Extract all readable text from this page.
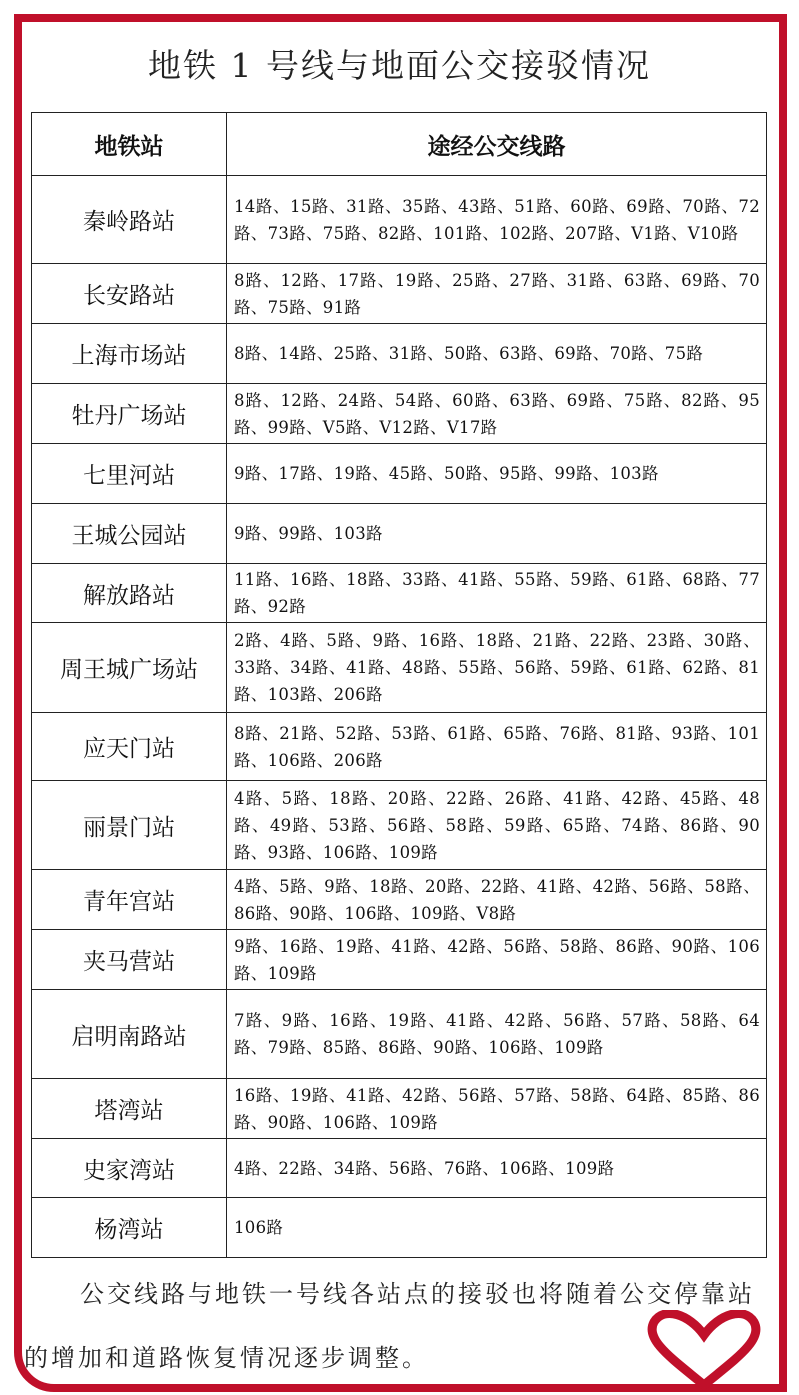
地铁 1 号线与地面公交接驳情况
地铁站	途经公交线路
秦岭路站	14路、15路、31路、35路、43路、51路、60路、69路、70路、72路、73路、75路、82路、101路、102路、207路、V1路、V10路
长安路站	8路、12路、17路、19路、25路、27路、31路、63路、69路、70路、75路、91路
上海市场站	8路、14路、25路、31路、50路、63路、69路、70路、75路
牡丹广场站	8路、12路、24路、54路、60路、63路、69路、75路、82路、95路、99路、V5路、V12路、V17路
七里河站	9路、17路、19路、45路、50路、95路、99路、103路
王城公园站	9路、99路、103路
解放路站	11路、16路、18路、33路、41路、55路、59路、61路、68路、77路、92路
周王城广场站	2路、4路、5路、9路、16路、18路、21路、22路、23路、30路、33路、34路、41路、48路、55路、56路、59路、61路、62路、81路、103路、206路
应天门站	8路、21路、52路、53路、61路、65路、76路、81路、93路、101路、106路、206路
丽景门站	4路、5路、18路、20路、22路、26路、41路、42路、45路、48路、49路、53路、56路、58路、59路、65路、74路、86路、90路、93路、106路、109路
青年宫站	4路、5路、9路、18路、20路、22路、41路、42路、56路、58路、86路、90路、106路、109路、V8路
夹马营站	9路、16路、19路、41路、42路、56路、58路、86路、90路、106路、109路
启明南路站	7路、9路、16路、19路、41路、42路、56路、57路、58路、64路、79路、85路、86路、90路、106路、109路
塔湾站	16路、19路、41路、42路、56路、57路、58路、64路、85路、86路、90路、106路、109路
史家湾站	4路、22路、34路、56路、76路、106路、109路
杨湾站	106路
公交线路与地铁一号线各站点的接驳也将随着公交停靠站的增加和道路恢复情况逐步调整。
